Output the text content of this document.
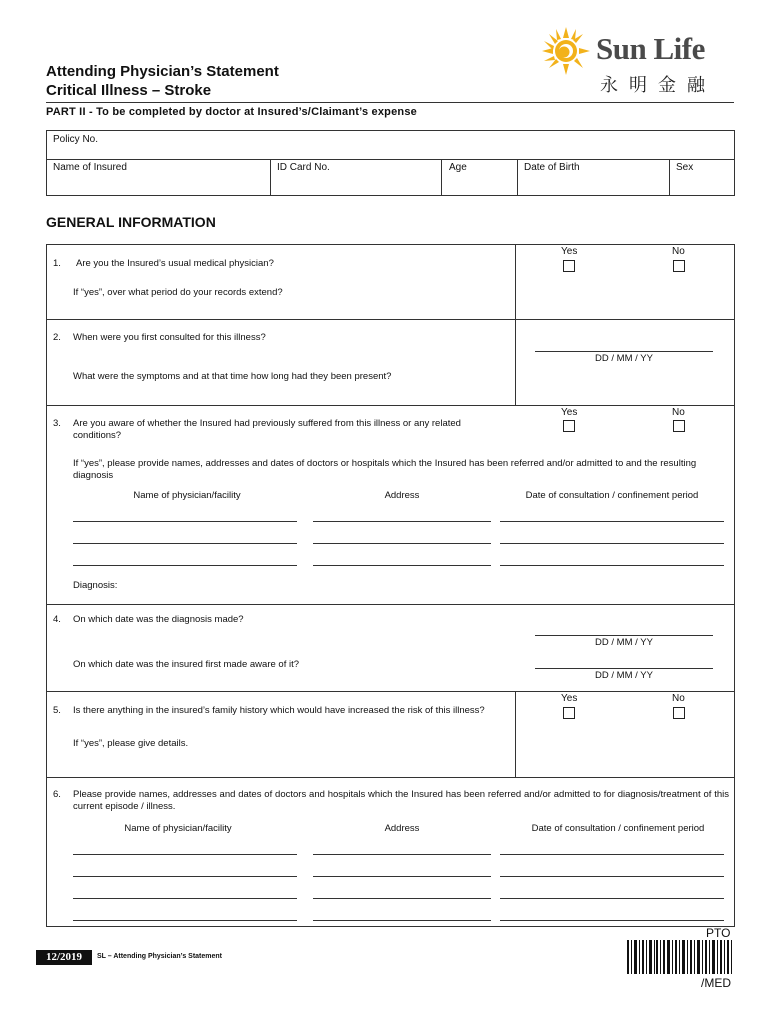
Attending Physician’s Statement
Critical Illness – Stroke
Sun Life
永明金融
PART II - To be completed by doctor at Insured’s/Claimant’s expense
Policy No.
Name of Insured	ID Card No.	Age	Date of Birth	Sex
GENERAL INFORMATION
Yes	No
1. Are you the Insured’s usual medical physician?
If “yes”, over what period do your records extend?
2. When were you first consulted for this illness?
DD / MM / YY
What were the symptoms and at that time how long had they been present?
Yes	No
3. Are you aware of whether the Insured had previously suffered from this illness or any related conditions?
If “yes”, please provide names, addresses and dates of doctors or hospitals which the Insured has been referred and/or admitted to and the resulting diagnosis
Name of physician/facility	Address	Date of consultation / confinement period
Diagnosis:
4. On which date was the diagnosis made?
DD / MM / YY
On which date was the insured first made aware of it?
DD / MM / YY
Yes	No
5. Is there anything in the insured’s family history which would have increased the risk of this illness?
If “yes”, please give details.
6. Please provide names, addresses and dates of doctors and hospitals which the Insured has been referred and/or admitted to for diagnosis/treatment of this current episode / illness.
Name of physician/facility	Address	Date of consultation / confinement period
PTO
12/2019	SL – Attending Physician’s Statement
/MED
